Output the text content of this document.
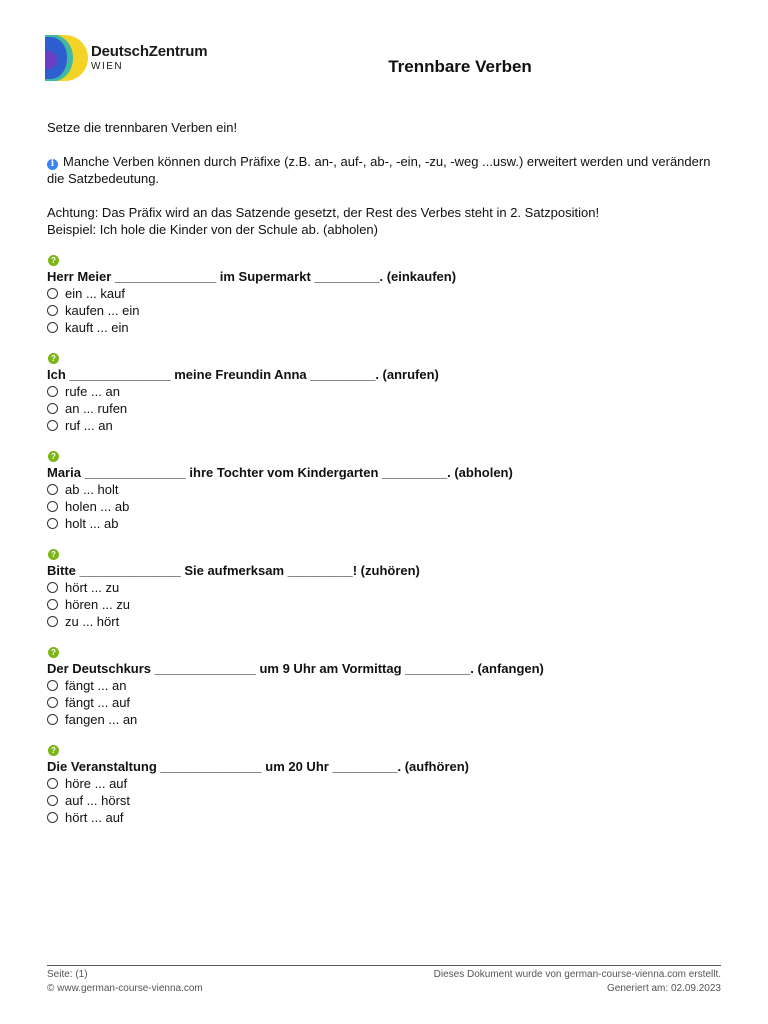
DeutschZentrum
WIEN	Trennbare Verben

Setze die trennbaren Verben ein!

i Manche Verben können durch Präfixe (z.B. an-, auf-, ab-, -ein, -zu, -weg ...usw.) erweitert werden und verändern die Satzbedeutung.

Achtung: Das Präfix wird an das Satzende gesetzt, der Rest des Verbes steht in 2. Satzposition!

Beispiel: Ich hole die Kinder von der Schule ab. (abholen)

?
Herr Meier ______________ im Supermarkt _________. (einkaufen)
ein ... kauf
kaufen ... ein
kauft ... ein
?
Ich ______________ meine Freundin Anna _________. (anrufen)
rufe ... an
an ... rufen
ruf ... an
?
Maria ______________ ihre Tochter vom Kindergarten _________. (abholen)
ab ... holt
holen ... ab
holt ... ab
?
Bitte ______________ Sie aufmerksam _________! (zuhören)
hört ... zu
hören ... zu
zu ... hört
?
Der Deutschkurs ______________ um 9 Uhr am Vormittag _________. (anfangen)
fängt ... an
fängt ... auf
fangen ... an
?
Die Veranstaltung ______________ um 20 Uhr _________. (aufhören)
höre ... auf
auf ... hörst
hört ... auf
Seite: (1)
© www.german-course-vienna.com
Dieses Dokument wurde von german-course-vienna.com erstellt.
Generiert am: 02.09.2023
